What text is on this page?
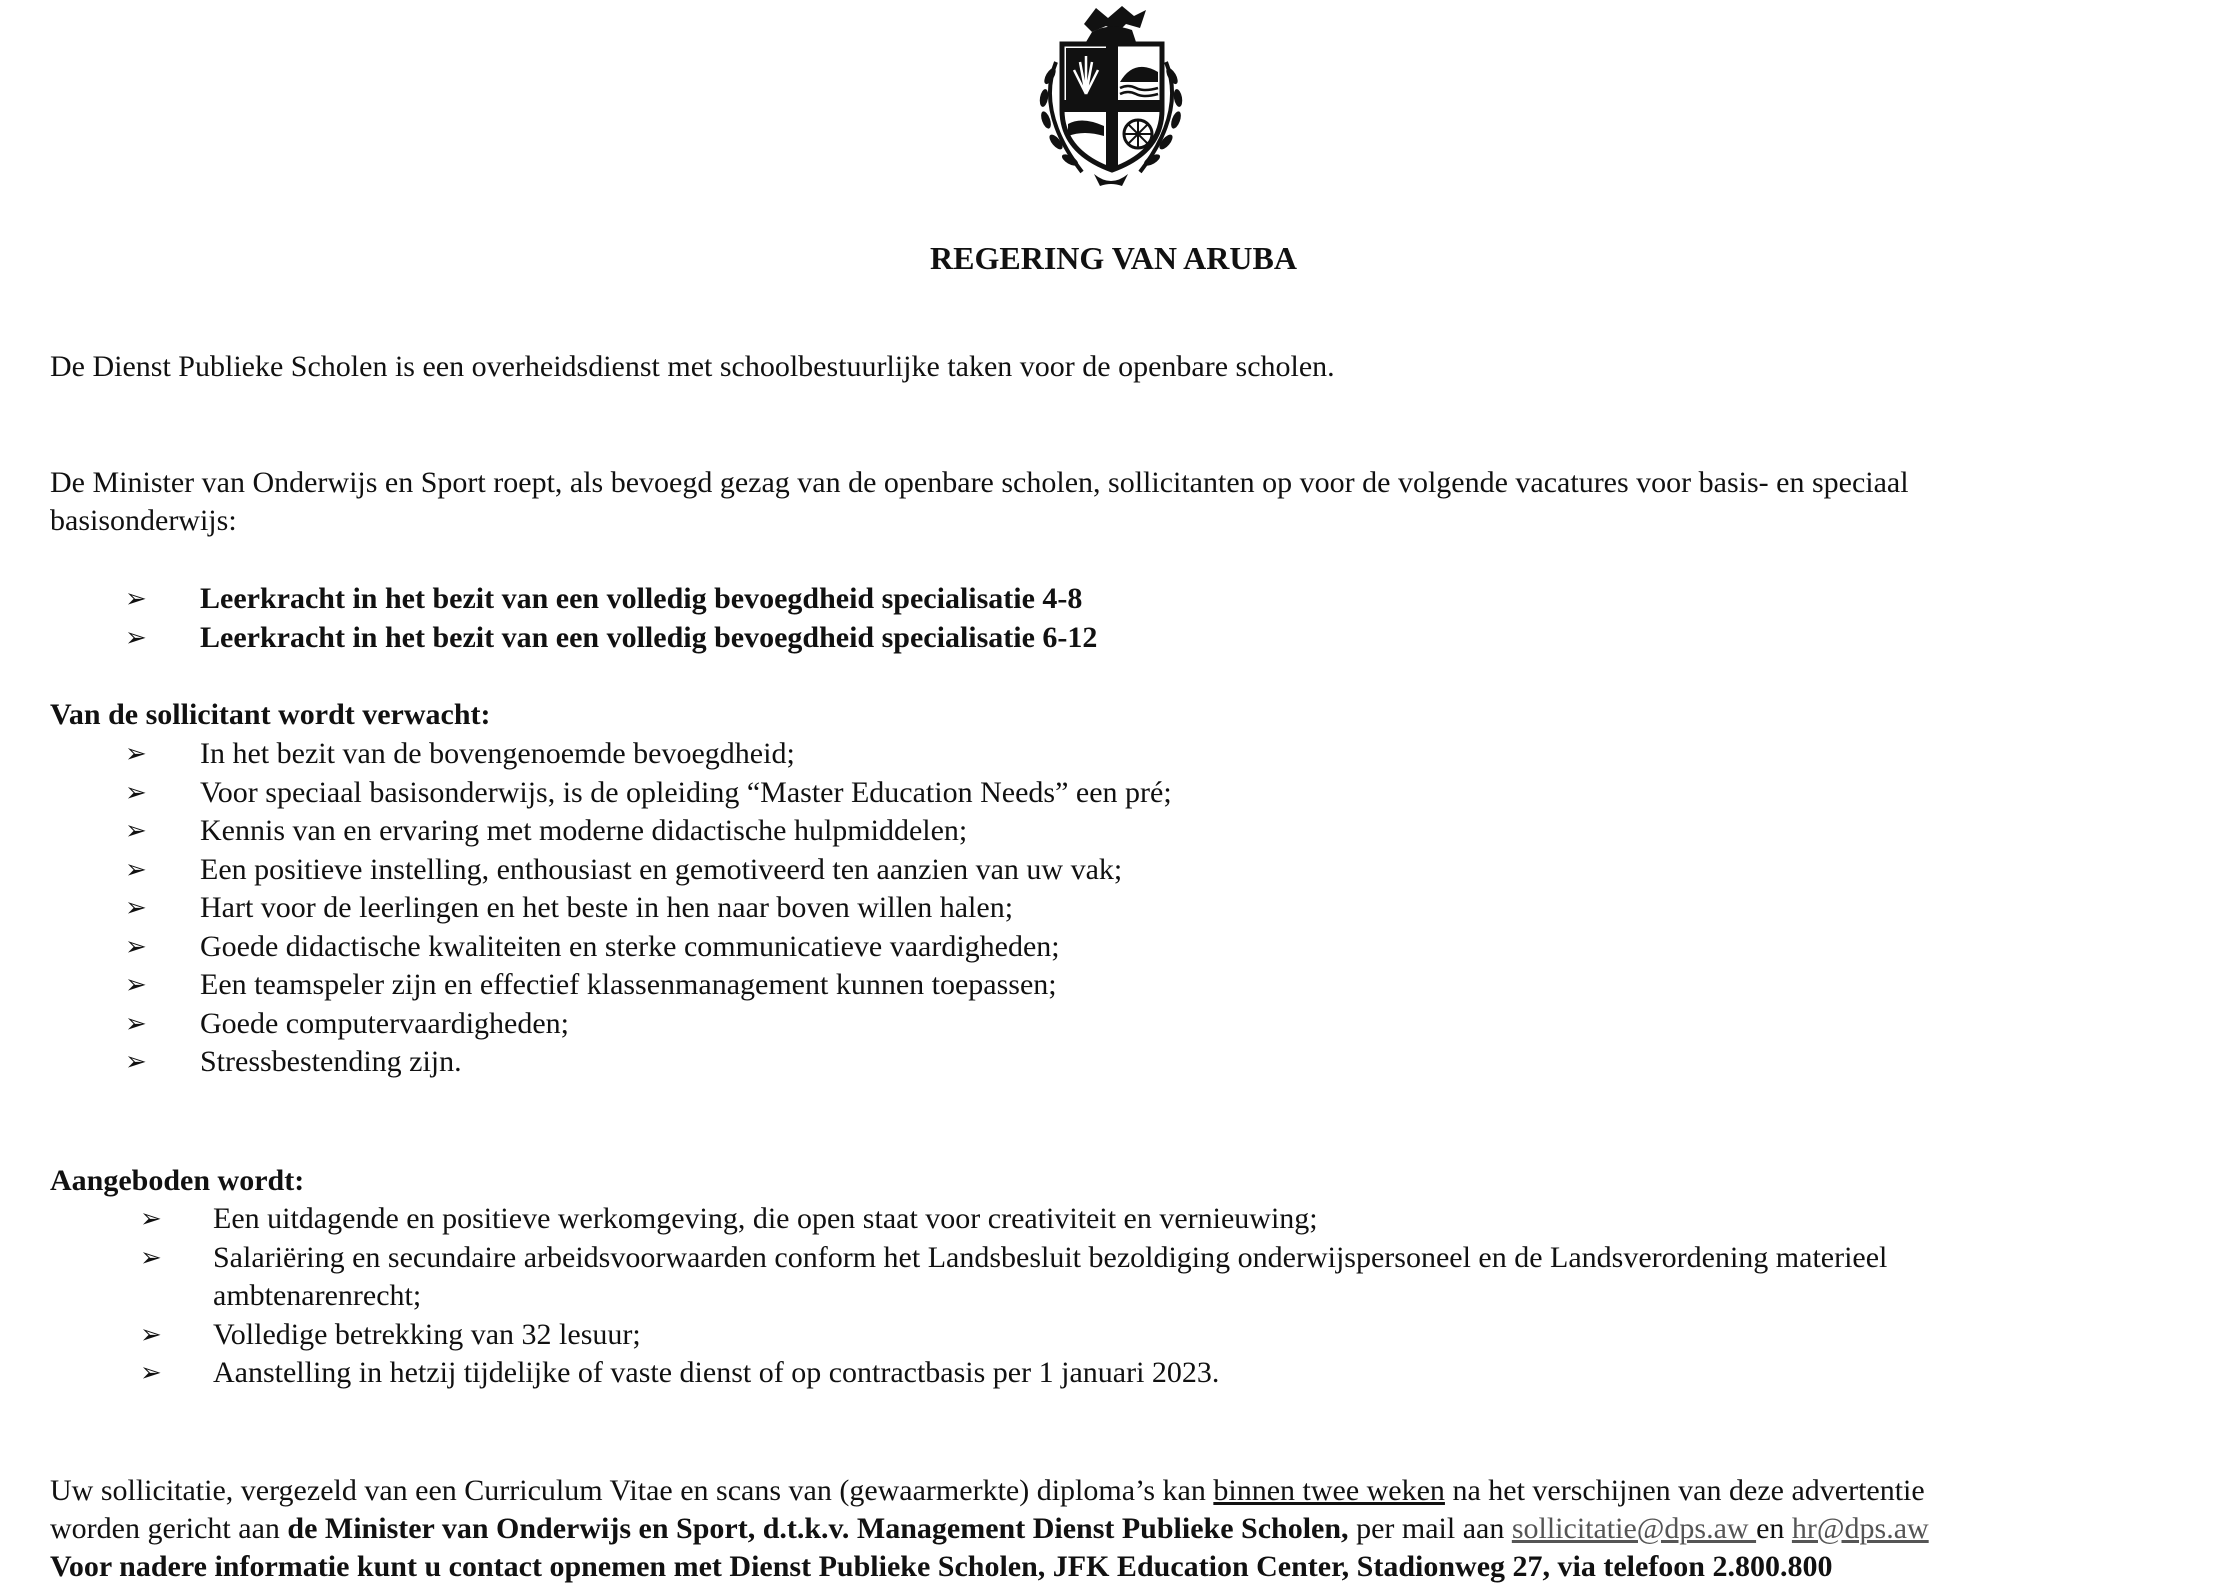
REGERING VAN ARUBA
De Dienst Publieke Scholen is een overheidsdienst met schoolbestuurlijke taken voor de openbare scholen.
De Minister van Onderwijs en Sport roept, als bevoegd gezag van de openbare scholen, sollicitanten op voor de volgende vacatures voor basis- en speciaal
basisonderwijs:
➢ Leerkracht in het bezit van een volledig bevoegdheid specialisatie 4-8
➢ Leerkracht in het bezit van een volledig bevoegdheid specialisatie 6-12
Van de sollicitant wordt verwacht:
➢ In het bezit van de bovengenoemde bevoegdheid;
➢ Voor speciaal basisonderwijs, is de opleiding “Master Education Needs” een pré;
➢ Kennis van en ervaring met moderne didactische hulpmiddelen;
➢ Een positieve instelling, enthousiast en gemotiveerd ten aanzien van uw vak;
➢ Hart voor de leerlingen en het beste in hen naar boven willen halen;
➢ Goede didactische kwaliteiten en sterke communicatieve vaardigheden;
➢ Een teamspeler zijn en effectief klassenmanagement kunnen toepassen;
➢ Goede computervaardigheden;
➢ Stressbestending zijn.
Aangeboden wordt:
➢ Een uitdagende en positieve werkomgeving, die open staat voor creativiteit en vernieuwing;
➢ Salariëring en secundaire arbeidsvoorwaarden conform het Landsbesluit bezoldiging onderwijspersoneel en de Landsverordening materieel
ambtenarenrecht;
➢ Volledige betrekking van 32 lesuur;
➢ Aanstelling in hetzij tijdelijke of vaste dienst of op contractbasis per 1 januari 2023.
Uw sollicitatie, vergezeld van een Curriculum Vitae en scans van (gewaarmerkte) diploma’s kan binnen twee weken na het verschijnen van deze advertentie
worden gericht aan de Minister van Onderwijs en Sport, d.t.k.v. Management Dienst Publieke Scholen, per mail aan sollicitatie@dps.aw en hr@dps.aw
Voor nadere informatie kunt u contact opnemen met Dienst Publieke Scholen, JFK Education Center, Stadionweg 27, via telefoon 2.800.800
